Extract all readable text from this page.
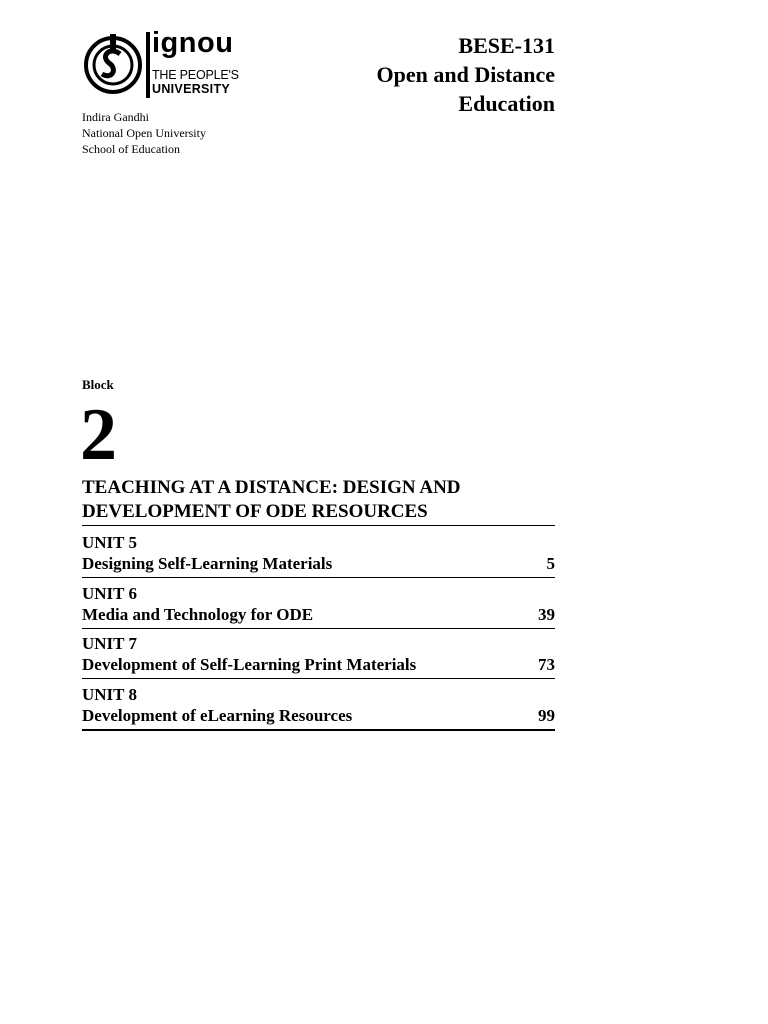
ignou
THE PEOPLE'S
UNIVERSITY
Indira Gandhi
National Open University
School of Education
BESE-131
Open and Distance
Education
Block
2
TEACHING AT A DISTANCE: DESIGN AND
DEVELOPMENT OF ODE RESOURCES
UNIT 5
Designing Self-Learning Materials	5
UNIT 6
Media and Technology for ODE	39
UNIT 7
Development of Self-Learning Print Materials	73
UNIT 8
Development of eLearning Resources	99
